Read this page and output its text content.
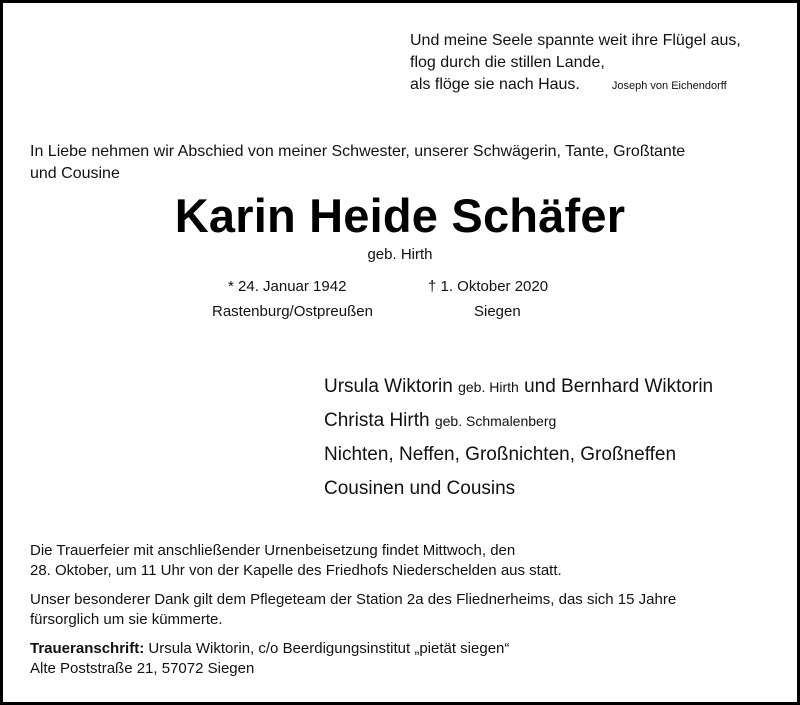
Und meine Seele spannte weit ihre Flügel aus,
flog durch die stillen Lande,
als flöge sie nach Haus.	Joseph von Eichendorff
In Liebe nehmen wir Abschied von meiner Schwester, unserer Schwägerin, Tante, Großtante
und Cousine
Karin Heide Schäfer
geb. Hirth
* 24. Januar 1942
Rastenburg/Ostpreußen
† 1. Oktober 2020
Siegen
Ursula Wiktorin geb. Hirth und Bernhard Wiktorin
Christa Hirth geb. Schmalenberg
Nichten, Neffen, Großnichten, Großneffen
Cousinen und Cousins
Die Trauerfeier mit anschließender Urnenbeisetzung findet Mittwoch, den
28. Oktober, um 11 Uhr von der Kapelle des Friedhofs Niederschelden aus statt.
Unser besonderer Dank gilt dem Pflegeteam der Station 2a des Fliednerheims, das sich 15 Jahre
fürsorglich um sie kümmerte.
Traueranschrift: Ursula Wiktorin, c/o Beerdigungsinstitut „pietät siegen“
Alte Poststraße 21, 57072 Siegen
